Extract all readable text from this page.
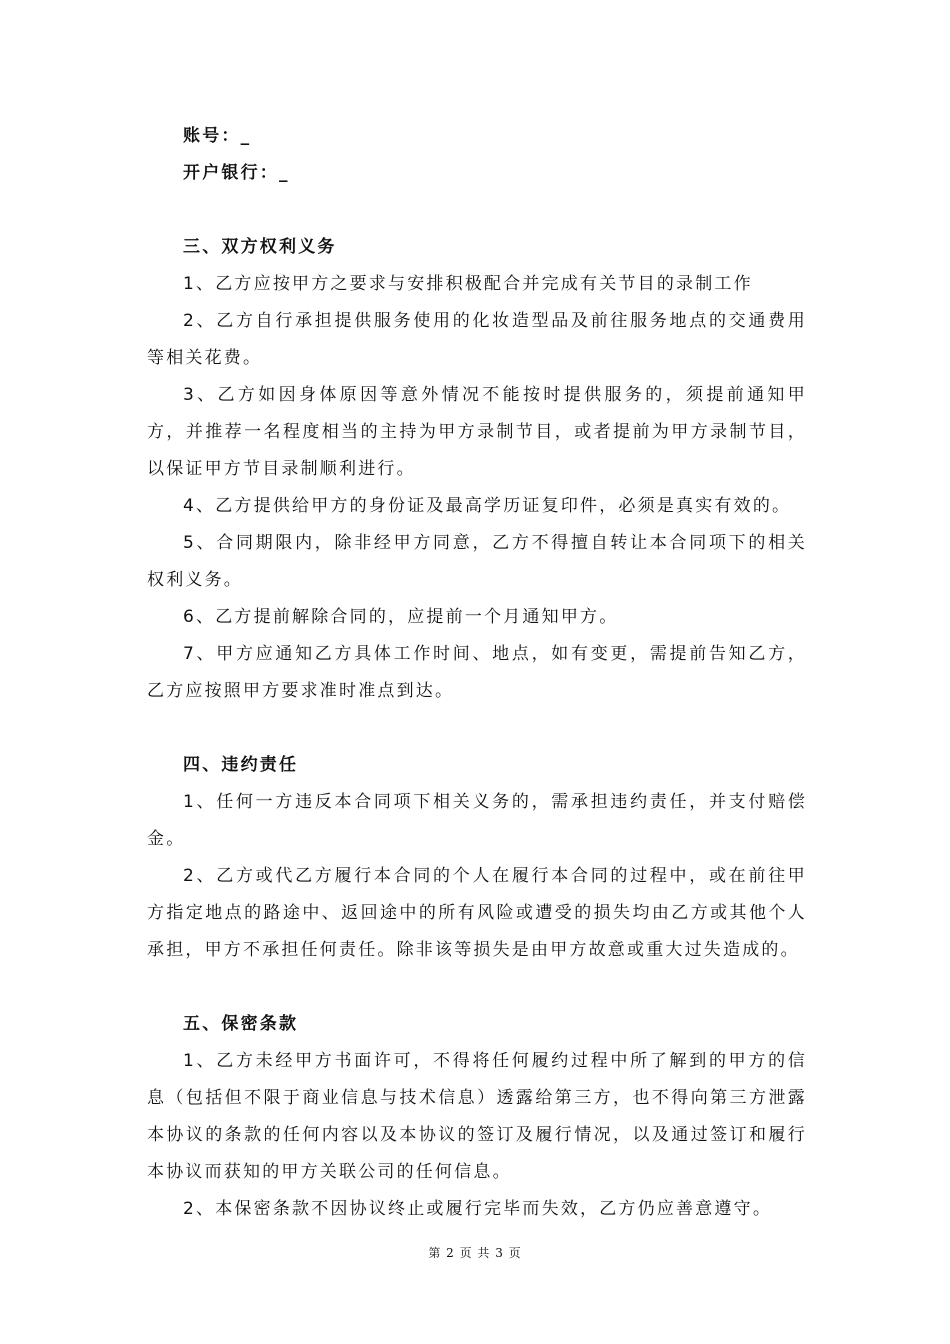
账号：_

开户银行：_

三、双方权利义务

1、乙方应按甲方之要求与安排积极配合并完成有关节目的录制工作

2、乙方自行承担提供服务使用的化妆造型品及前往服务地点的交通费用等相关花费。

3、乙方如因身体原因等意外情况不能按时提供服务的，须提前通知甲方，并推荐一名程度相当的主持为甲方录制节目，或者提前为甲方录制节目，以保证甲方节目录制顺利进行。

4、乙方提供给甲方的身份证及最高学历证复印件，必须是真实有效的。

5、合同期限内，除非经甲方同意，乙方不得擅自转让本合同项下的相关权利义务。

6、乙方提前解除合同的，应提前一个月通知甲方。

7、甲方应通知乙方具体工作时间、地点，如有变更，需提前告知乙方，乙方应按照甲方要求准时准点到达。

四、违约责任

1、任何一方违反本合同项下相关义务的，需承担违约责任，并支付赔偿金。

2、乙方或代乙方履行本合同的个人在履行本合同的过程中，或在前往甲方指定地点的路途中、返回途中的所有风险或遭受的损失均由乙方或其他个人承担，甲方不承担任何责任。除非该等损失是由甲方故意或重大过失造成的。

五、保密条款

1、乙方未经甲方书面许可，不得将任何履约过程中所了解到的甲方的信息（包括但不限于商业信息与技术信息）透露给第三方，也不得向第三方泄露本协议的条款的任何内容以及本协议的签订及履行情况，以及通过签订和履行本协议而获知的甲方关联公司的任何信息。

2、本保密条款不因协议终止或履行完毕而失效，乙方仍应善意遵守。

第 2 页 共 3 页
